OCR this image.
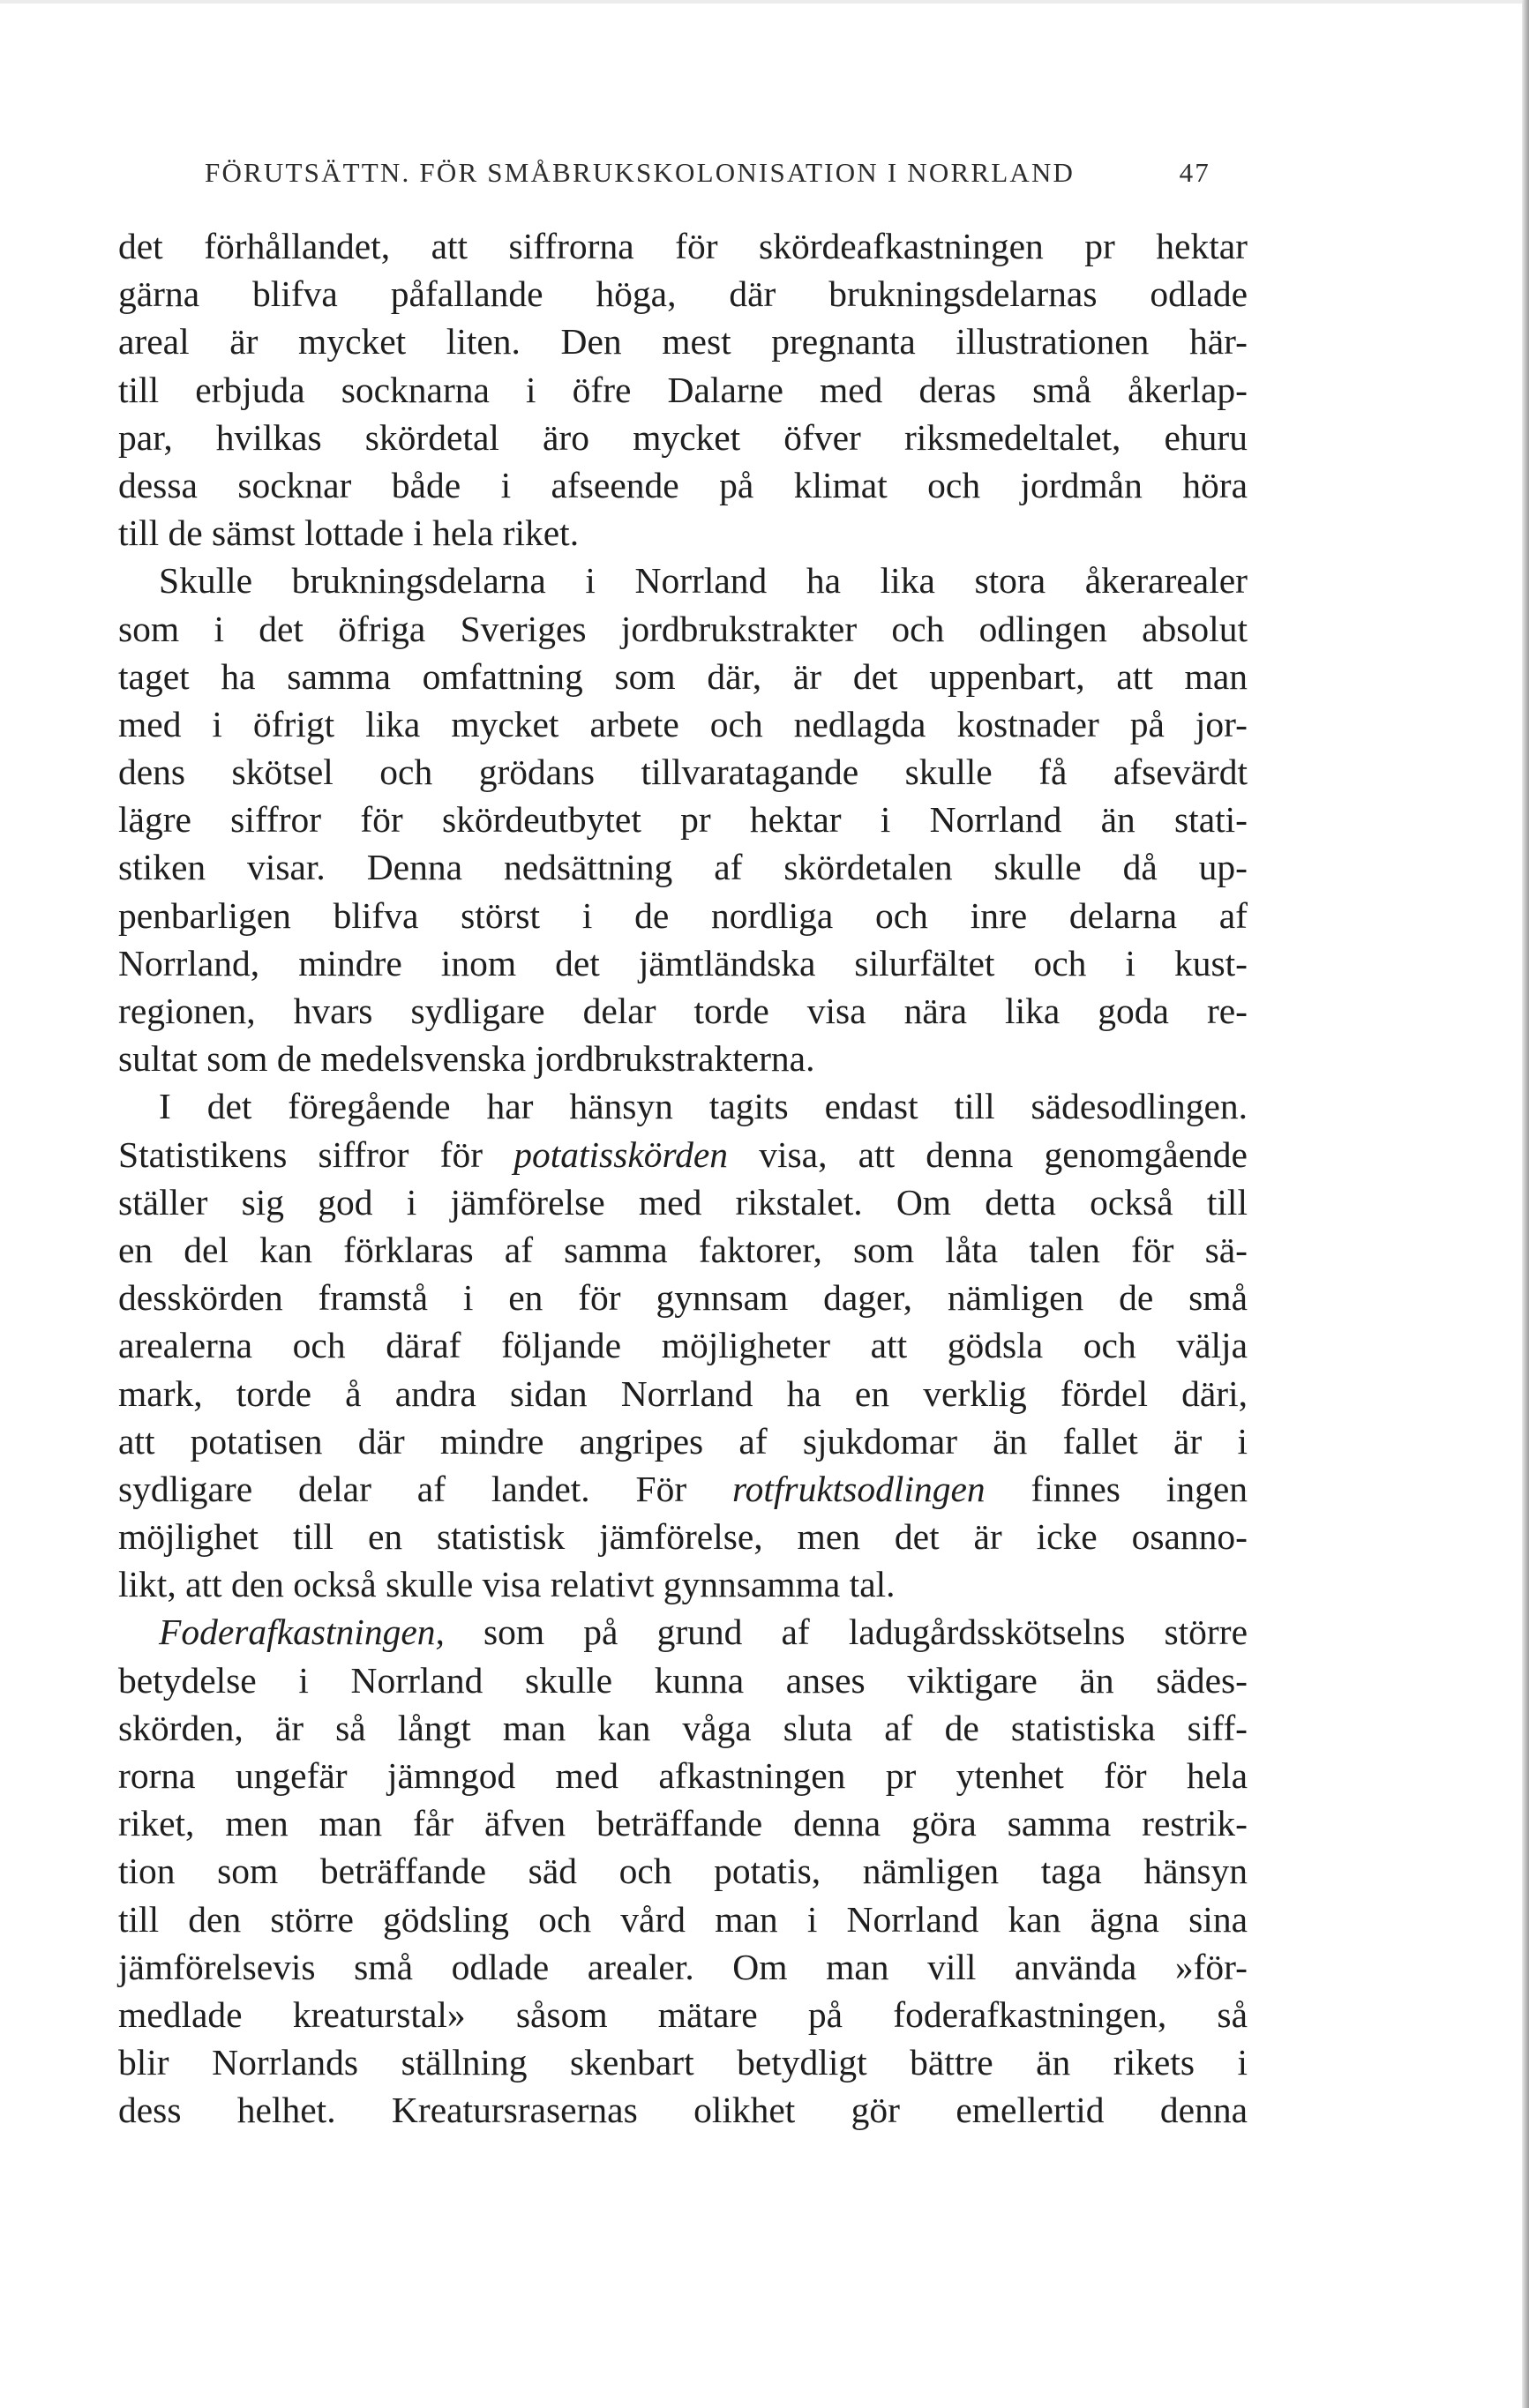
FÖRUTSÄTTN. FÖR SMÅBRUKSKOLONISATION I NORRLAND	47
det förhållandet, att siffrorna för skördeafkastningen pr hektar
gärna blifva påfallande höga, där brukningsdelarnas odlade
areal är mycket liten. Den mest pregnanta illustrationen här-
till erbjuda socknarna i öfre Dalarne med deras små åkerlap-
par, hvilkas skördetal äro mycket öfver riksmedeltalet, ehuru
dessa socknar både i afseende på klimat och jordmån höra
till de sämst lottade i hela riket.
Skulle brukningsdelarna i Norrland ha lika stora åkerarealer
som i det öfriga Sveriges jordbrukstrakter och odlingen absolut
taget ha samma omfattning som där, är det uppenbart, att man
med i öfrigt lika mycket arbete och nedlagda kostnader på jor-
dens skötsel och grödans tillvaratagande skulle få afsevärdt
lägre siffror för skördeutbytet pr hektar i Norrland än stati-
stiken visar. Denna nedsättning af skördetalen skulle då up-
penbarligen blifva störst i de nordliga och inre delarna af
Norrland, mindre inom det jämtländska silurfältet och i kust-
regionen, hvars sydligare delar torde visa nära lika goda re-
sultat som de medelsvenska jordbrukstrakterna.
I det föregående har hänsyn tagits endast till sädesodlingen.
Statistikens siffror för potatisskörden visa, att denna genomgående
ställer sig god i jämförelse med rikstalet. Om detta också till
en del kan förklaras af samma faktorer, som låta talen för sä-
desskörden framstå i en för gynnsam dager, nämligen de små
arealerna och däraf följande möjligheter att gödsla och välja
mark, torde å andra sidan Norrland ha en verklig fördel däri,
att potatisen där mindre angripes af sjukdomar än fallet är i
sydligare delar af landet. För rotfruktsodlingen finnes ingen
möjlighet till en statistisk jämförelse, men det är icke osanno-
likt, att den också skulle visa relativt gynnsamma tal.
Foderafkastningen, som på grund af ladugårdsskötselns större
betydelse i Norrland skulle kunna anses viktigare än sädes-
skörden, är så långt man kan våga sluta af de statistiska siff-
rorna ungefär jämngod med afkastningen pr ytenhet för hela
riket, men man får äfven beträffande denna göra samma restrik-
tion som beträffande säd och potatis, nämligen taga hänsyn
till den större gödsling och vård man i Norrland kan ägna sina
jämförelsevis små odlade arealer. Om man vill använda »för-
medlade kreaturstal» såsom mätare på foderafkastningen, så
blir Norrlands ställning skenbart betydligt bättre än rikets i
dess helhet. Kreatursrasernas olikhet gör emellertid denna
